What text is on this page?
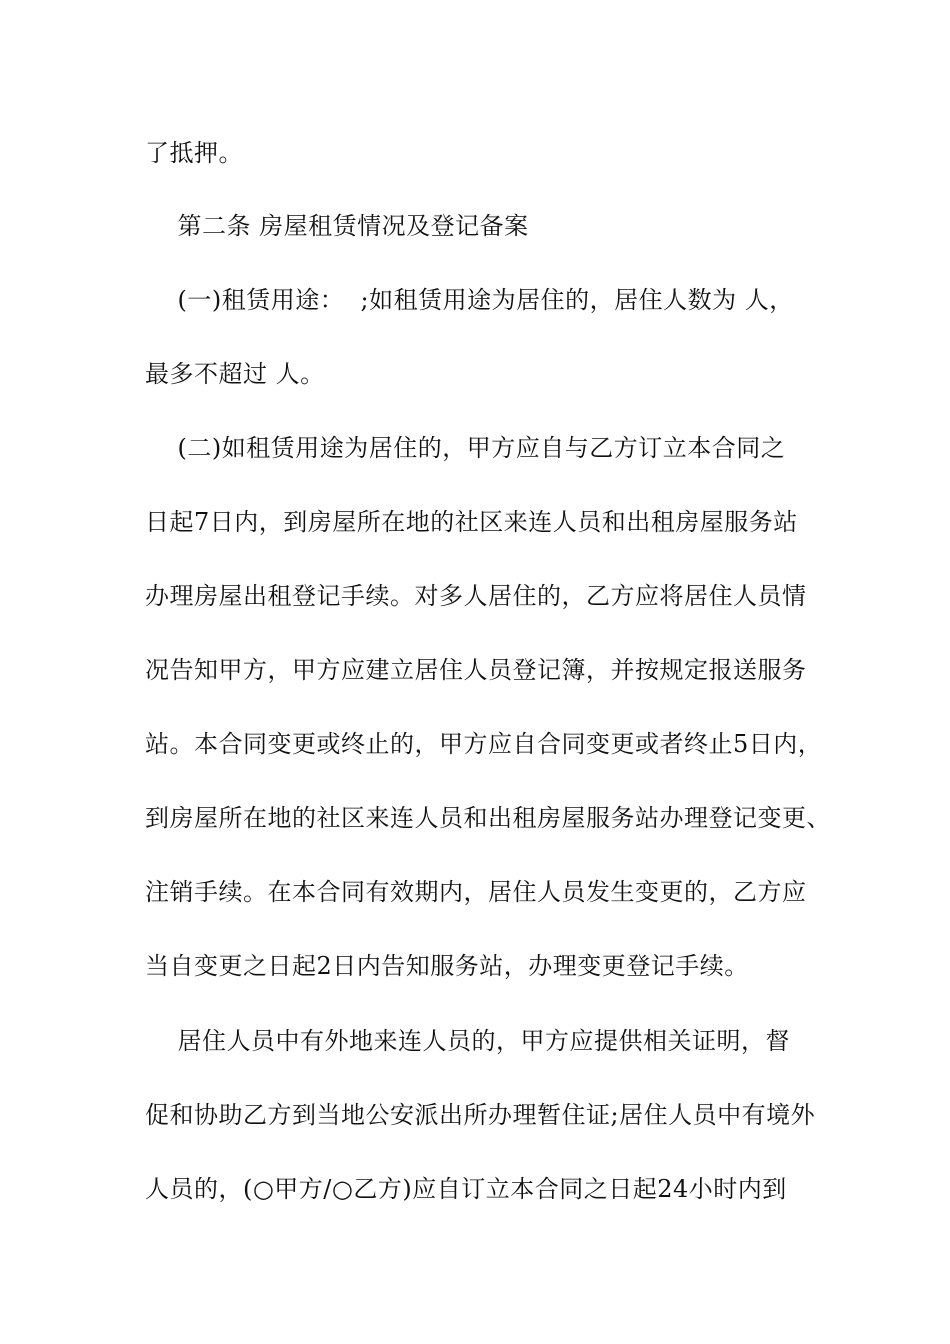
了抵押。

第二条 房屋租赁情况及登记备案

(一)租赁用途：  ;如租赁用途为居住的，居住人数为 人，

最多不超过 人。

(二)如租赁用途为居住的，甲方应自与乙方订立本合同之

日起7日内，到房屋所在地的社区来连人员和出租房屋服务站

办理房屋出租登记手续。对多人居住的，乙方应将居住人员情

况告知甲方，甲方应建立居住人员登记簿，并按规定报送服务

站。本合同变更或终止的，甲方应自合同变更或者终止5日内，

到房屋所在地的社区来连人员和出租房屋服务站办理登记变更、

注销手续。在本合同有效期内，居住人员发生变更的，乙方应

当自变更之日起2日内告知服务站，办理变更登记手续。

居住人员中有外地来连人员的，甲方应提供相关证明，督

促和协助乙方到当地公安派出所办理暂住证;居住人员中有境外

人员的，(○甲方/○乙方)应自订立本合同之日起24小时内到
